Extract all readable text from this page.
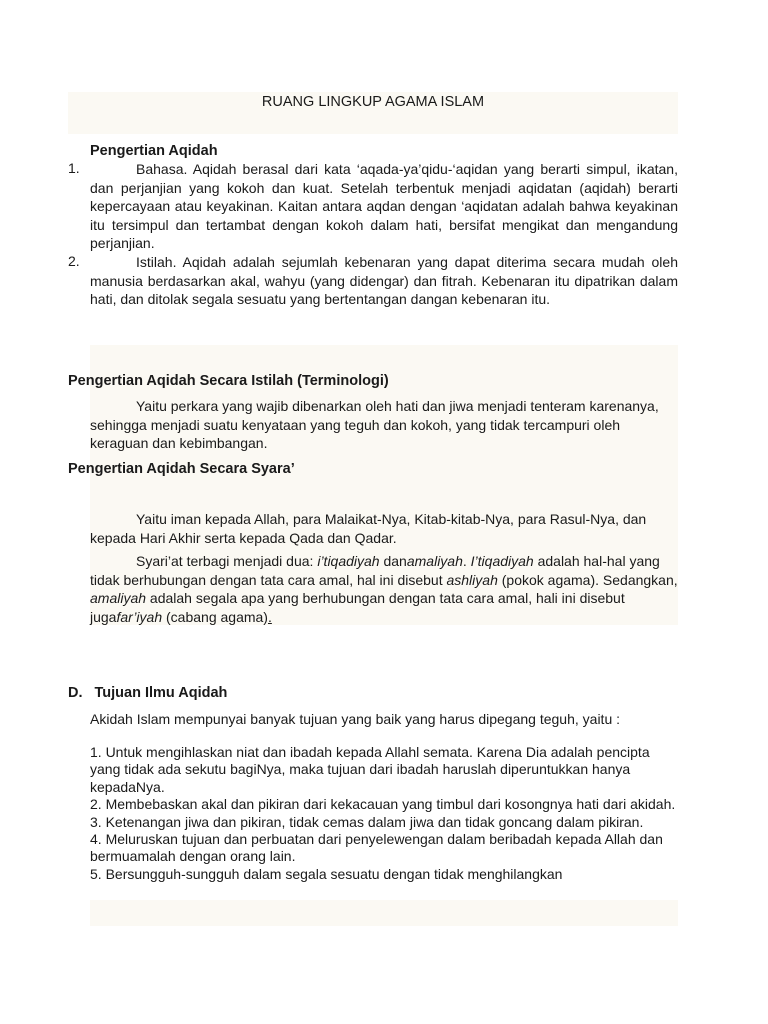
RUANG LINGKUP AGAMA ISLAM
Pengertian Aqidah
1.	Bahasa. Aqidah berasal dari kata ‘aqada-ya’qidu-‘aqidan yang berarti simpul, ikatan, dan perjanjian yang kokoh dan kuat. Setelah terbentuk menjadi aqidatan (aqidah) berarti kepercayaan atau keyakinan. Kaitan antara aqdan dengan ‘aqidatan adalah bahwa keyakinan itu tersimpul dan tertambat dengan kokoh dalam hati, bersifat mengikat dan mengandung perjanjian.
2.	Istilah. Aqidah adalah sejumlah kebenaran yang dapat diterima secara mudah oleh manusia berdasarkan akal, wahyu (yang didengar) dan fitrah. Kebenaran itu dipatrikan dalam hati, dan ditolak segala sesuatu yang bertentangan dangan kebenaran itu.
Pengertian Aqidah Secara Istilah (Terminologi)
Yaitu perkara yang wajib dibenarkan oleh hati dan jiwa menjadi tenteram karenanya, sehingga menjadi suatu kenyataan yang teguh dan kokoh, yang tidak tercampuri oleh keraguan dan kebimbangan.
Pengertian Aqidah Secara Syara’
Yaitu iman kepada Allah, para Malaikat-Nya, Kitab-kitab-Nya, para Rasul-Nya, dan kepada Hari Akhir serta kepada Qada dan Qadar.
Syari’at terbagi menjadi dua: i’tiqadiyah danamaliyah. I’tiqadiyah adalah hal-hal yang tidak berhubungan dengan tata cara amal, hal ini disebut ashliyah (pokok agama). Sedangkan, amaliyah adalah segala apa yang berhubungan dengan tata cara amal, hali ini disebut jugafar’iyah (cabang agama).
D. Tujuan Ilmu Aqidah
Akidah Islam mempunyai banyak tujuan yang baik yang harus dipegang teguh, yaitu :
1. Untuk mengihlaskan niat dan ibadah kepada Allahl semata. Karena Dia adalah pencipta yang tidak ada sekutu bagiNya, maka tujuan dari ibadah haruslah diperuntukkan hanya kepadaNya.
2. Membebaskan akal dan pikiran dari kekacauan yang timbul dari kosongnya hati dari akidah.
3. Ketenangan jiwa dan pikiran, tidak cemas dalam jiwa dan tidak goncang dalam pikiran.
4. Meluruskan tujuan dan perbuatan dari penyelewengan dalam beribadah kepada Allah dan bermuamalah dengan orang lain.
5. Bersungguh-sungguh dalam segala sesuatu dengan tidak menghilangkan
